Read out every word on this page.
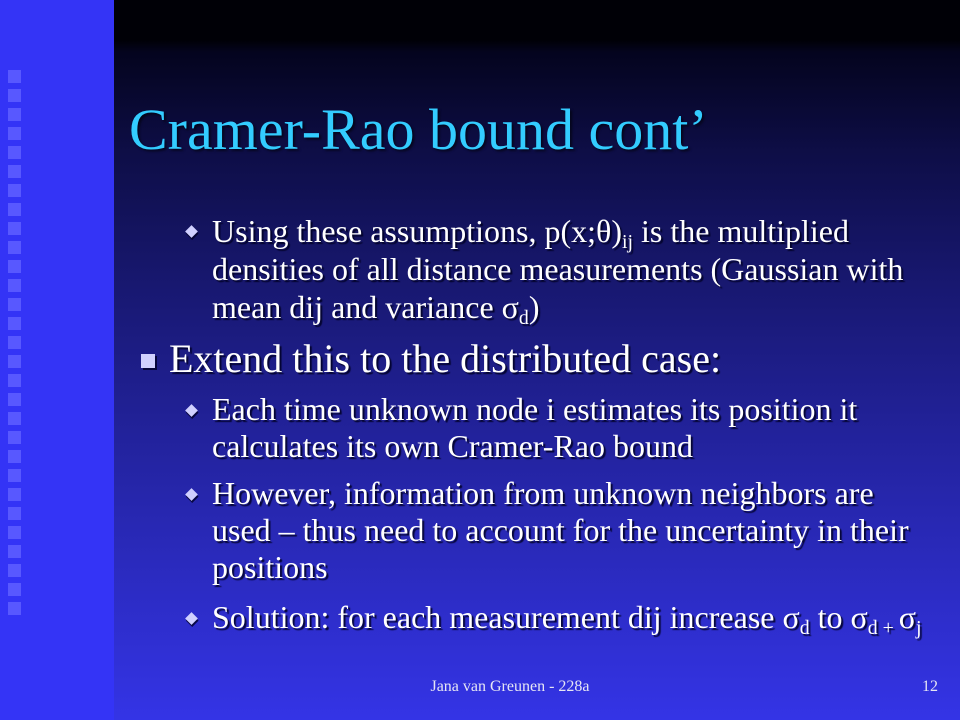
Cramer-Rao bound cont’
Using these assumptions, $p(x;\theta)_{ij}$ is the multiplied
densities of all distance measurements (Gaussian with
mean dij and variance $\sigma_d$)
Extend this to the distributed case:
Each time unknown node i estimates its position it
calculates its own Cramer-Rao bound
However, information from unknown neighbors are
used – thus need to account for the uncertainty in their
positions
Solution: for each measurement dij increase $\sigma_d$ to $\sigma_{d +}$ $\sigma_j$
Jana van Greunen - 228a	12
